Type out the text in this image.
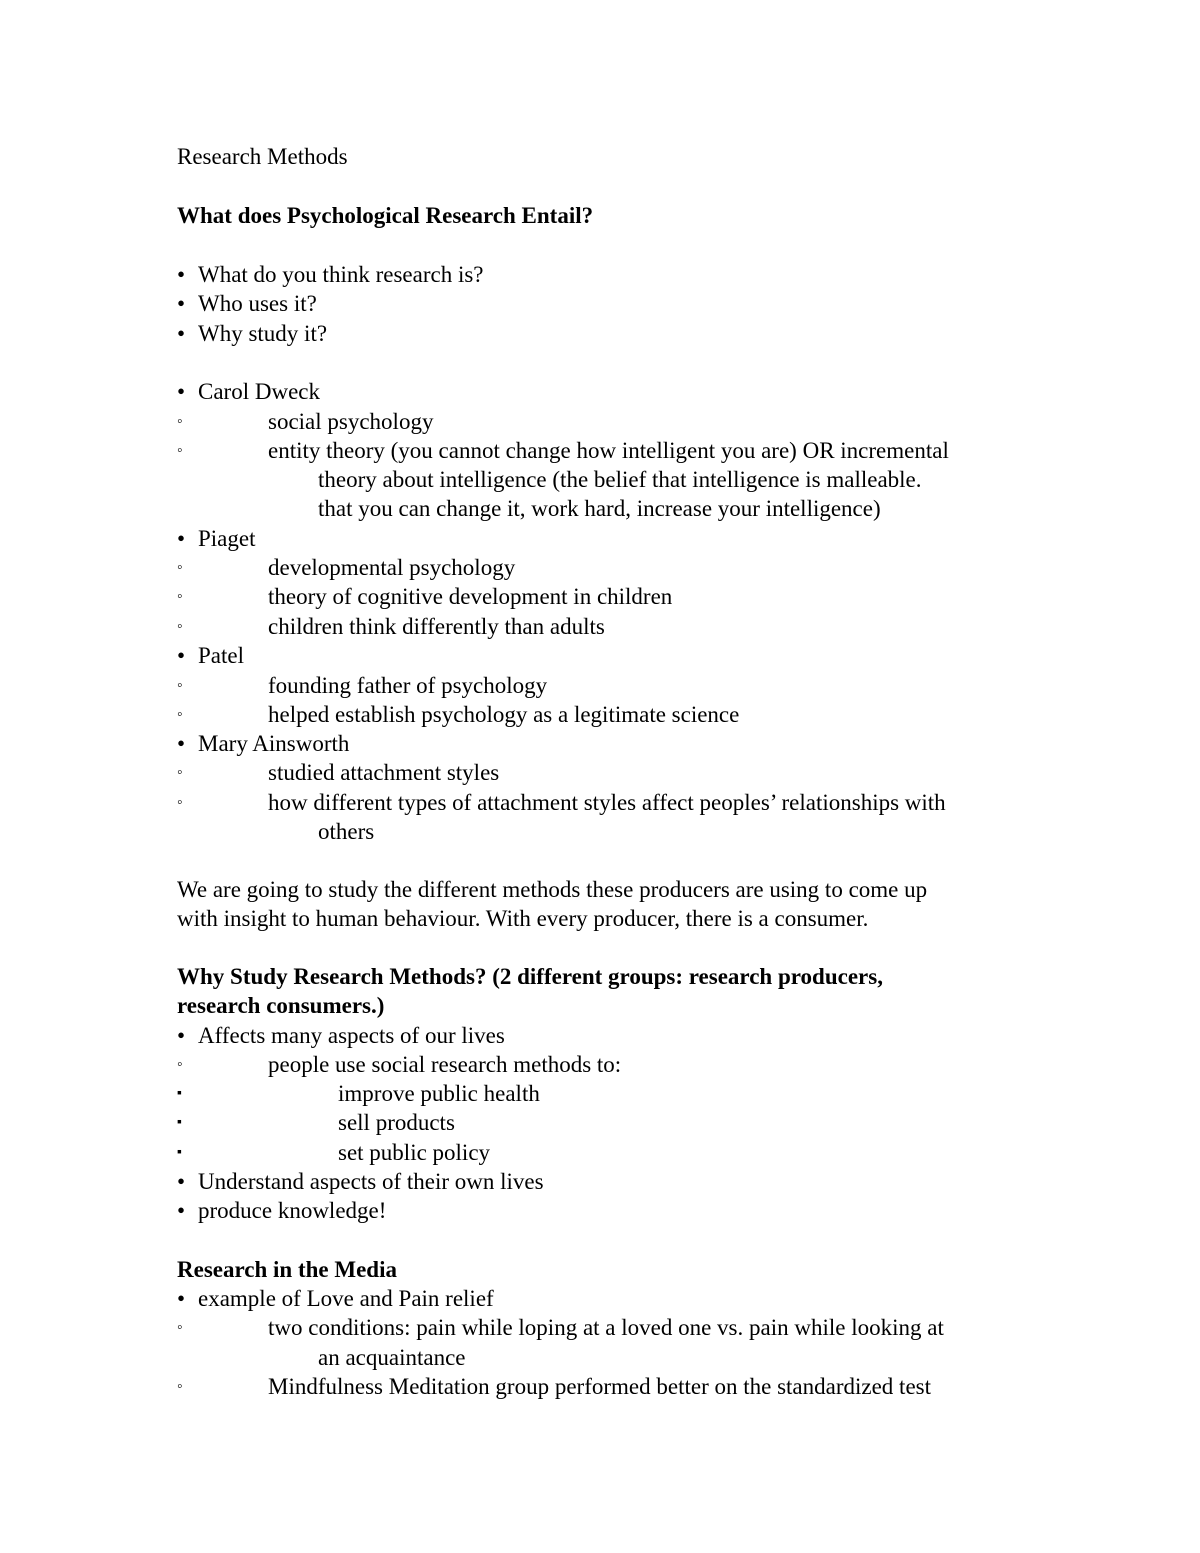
Research Methods
What does Psychological Research Entail?
• What do you think research is?
• Who uses it?
• Why study it?
• Carol Dweck
◦	social psychology
◦	entity theory (you cannot change how intelligent you are) OR incremental
theory about intelligence (the belief that intelligence is malleable.
that you can change it, work hard, increase your intelligence)
• Piaget
◦	developmental psychology
◦	theory of cognitive development in children
◦	children think differently than adults
• Patel
◦	founding father of psychology
◦	helped establish psychology as a legitimate science
• Mary Ainsworth
◦	studied attachment styles
◦	how different types of attachment styles affect peoples’ relationships with
others
We are going to study the different methods these producers are using to come up
with insight to human behaviour. With every producer, there is a consumer.
Why Study Research Methods? (2 different groups: research producers,
research consumers.)
• Affects many aspects of our lives
◦	people use social research methods to:
▪	improve public health
▪	sell products
▪	set public policy
• Understand aspects of their own lives
• produce knowledge!
Research in the Media
• example of Love and Pain relief
◦	two conditions: pain while loping at a loved one vs. pain while looking at
an acquaintance
◦	Mindfulness Meditation group performed better on the standardized test
